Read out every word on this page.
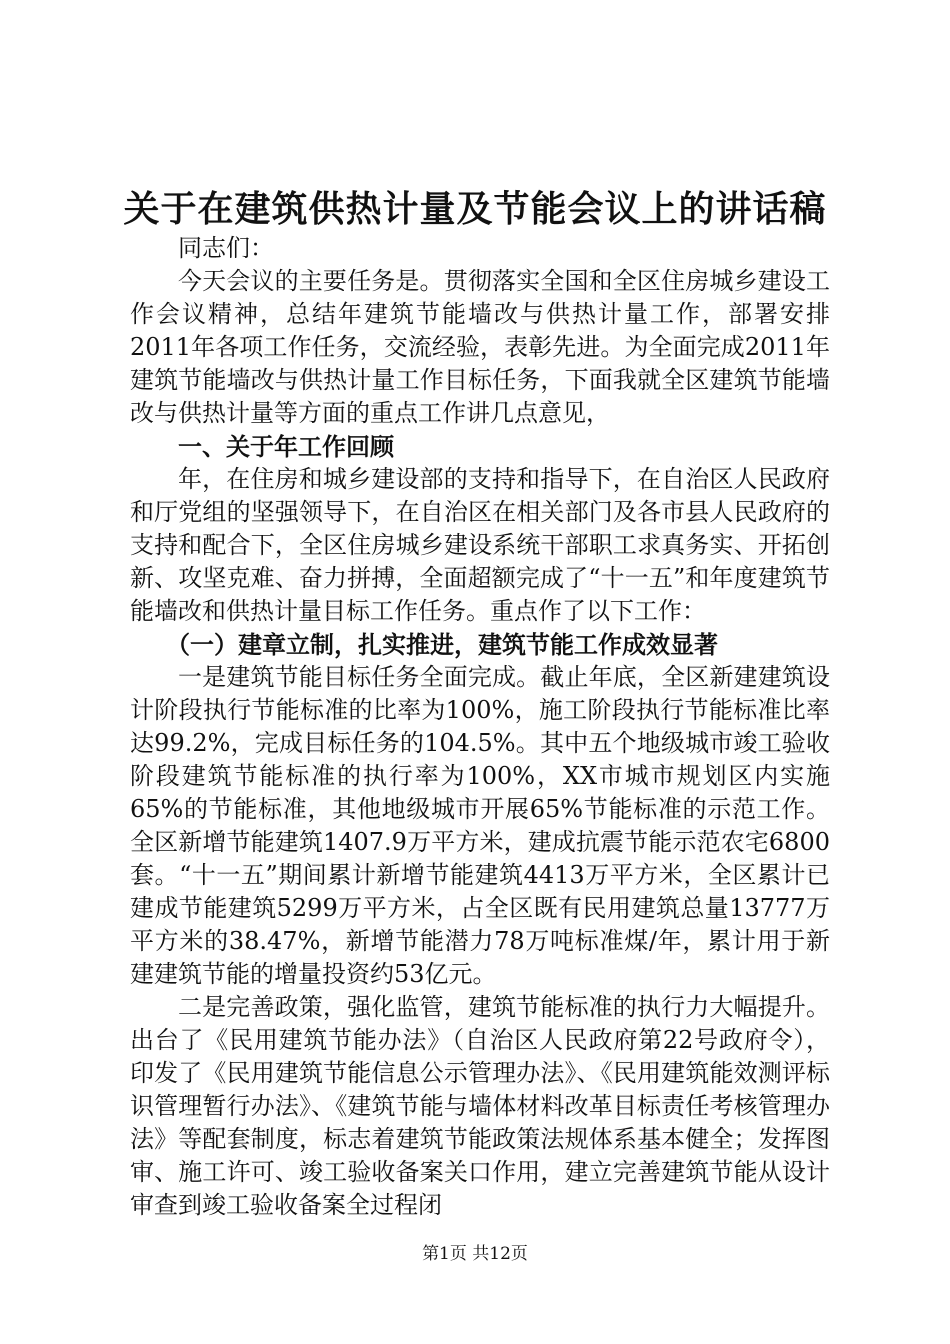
关于在建筑供热计量及节能会议上的讲话稿

同志们：

今天会议的主要任务是。贯彻落实全国和全区住房城乡建设工作会议精神，总结年建筑节能墙改与供热计量工作，部署安排2011年各项工作任务，交流经验，表彰先进。为全面完成2011年建筑节能墙改与供热计量工作目标任务，下面我就全区建筑节能墙改与供热计量等方面的重点工作讲几点意见，

一、关于年工作回顾

年，在住房和城乡建设部的支持和指导下，在自治区人民政府和厅党组的坚强领导下，在自治区在相关部门及各市县人民政府的支持和配合下，全区住房城乡建设系统干部职工求真务实、开拓创新、攻坚克难、奋力拼搏，全面超额完成了“十一五”和年度建筑节能墙改和供热计量目标工作任务。重点作了以下工作：

（一）建章立制，扎实推进，建筑节能工作成效显著

一是建筑节能目标任务全面完成。截止年底，全区新建建筑设计阶段执行节能标准的比率为100%，施工阶段执行节能标准比率达99.2%，完成目标任务的104.5%。其中五个地级城市竣工验收阶段建筑节能标准的执行率为100%，XX市城市规划区内实施65%的节能标准，其他地级城市开展65%节能标准的示范工作。全区新增节能建筑1407.9万平方米，建成抗震节能示范农宅6800套。“十一五”期间累计新增节能建筑4413万平方米，全区累计已建成节能建筑5299万平方米，占全区既有民用建筑总量13777万平方米的38.47%，新增节能潜力78万吨标准煤/年，累计用于新建建筑节能的增量投资约53亿元。

二是完善政策，强化监管，建筑节能标准的执行力大幅提升。出台了《民用建筑节能办法》（自治区人民政府第22号政府令），印发了《民用建筑节能信息公示管理办法》、《民用建筑能效测评标识管理暂行办法》、《建筑节能与墙体材料改革目标责任考核管理办法》等配套制度，标志着建筑节能政策法规体系基本健全；发挥图审、施工许可、竣工验收备案关口作用，建立完善建筑节能从设计审查到竣工验收备案全过程闭

第1页 共12页
